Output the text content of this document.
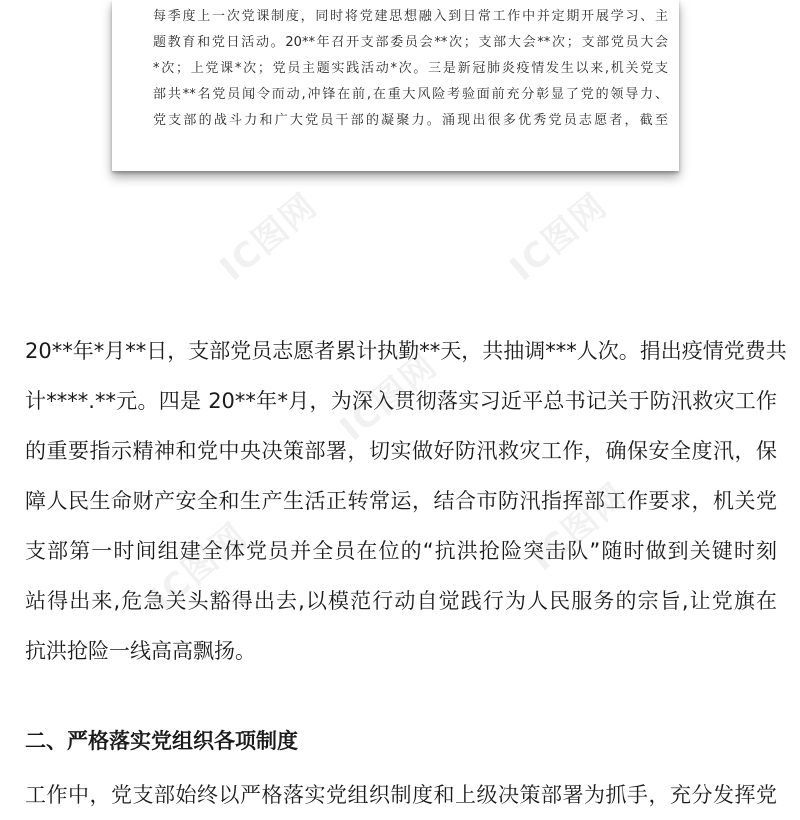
每季度上一次党课制度，同时将党建思想融入到日常工作中并定期开展学习、主
题教育和党日活动。20**年召开支部委员会**次；支部大会**次；支部党员大会
*次；上党课*次；党员主题实践活动*次。三是新冠肺炎疫情发生以来,机关党支
部共**名党员闻令而动,冲锋在前,在重大风险考验面前充分彰显了党的领导力、
党支部的战斗力和广大党员干部的凝聚力。涌现出很多优秀党员志愿者，截至
20**年*月**日，支部党员志愿者累计执勤**天，共抽调***人次。捐出疫情党费共
计****.**元。四是 20**年*月，为深入贯彻落实习近平总书记关于防汛救灾工作
的重要指示精神和党中央决策部署，切实做好防汛救灾工作，确保安全度汛，保
障人民生命财产安全和生产生活正转常运，结合市防汛指挥部工作要求，机关党
支部第一时间组建全体党员并全员在位的“抗洪抢险突击队”随时做到关键时刻
站得出来,危急关头豁得出去,以模范行动自觉践行为人民服务的宗旨,让党旗在
抗洪抢险一线高高飘扬。
二、严格落实党组织各项制度
工作中，党支部始终以严格落实党组织制度和上级决策部署为抓手，充分发挥党
IC图网	IC图网
IC图网
IC图网
IC图网
